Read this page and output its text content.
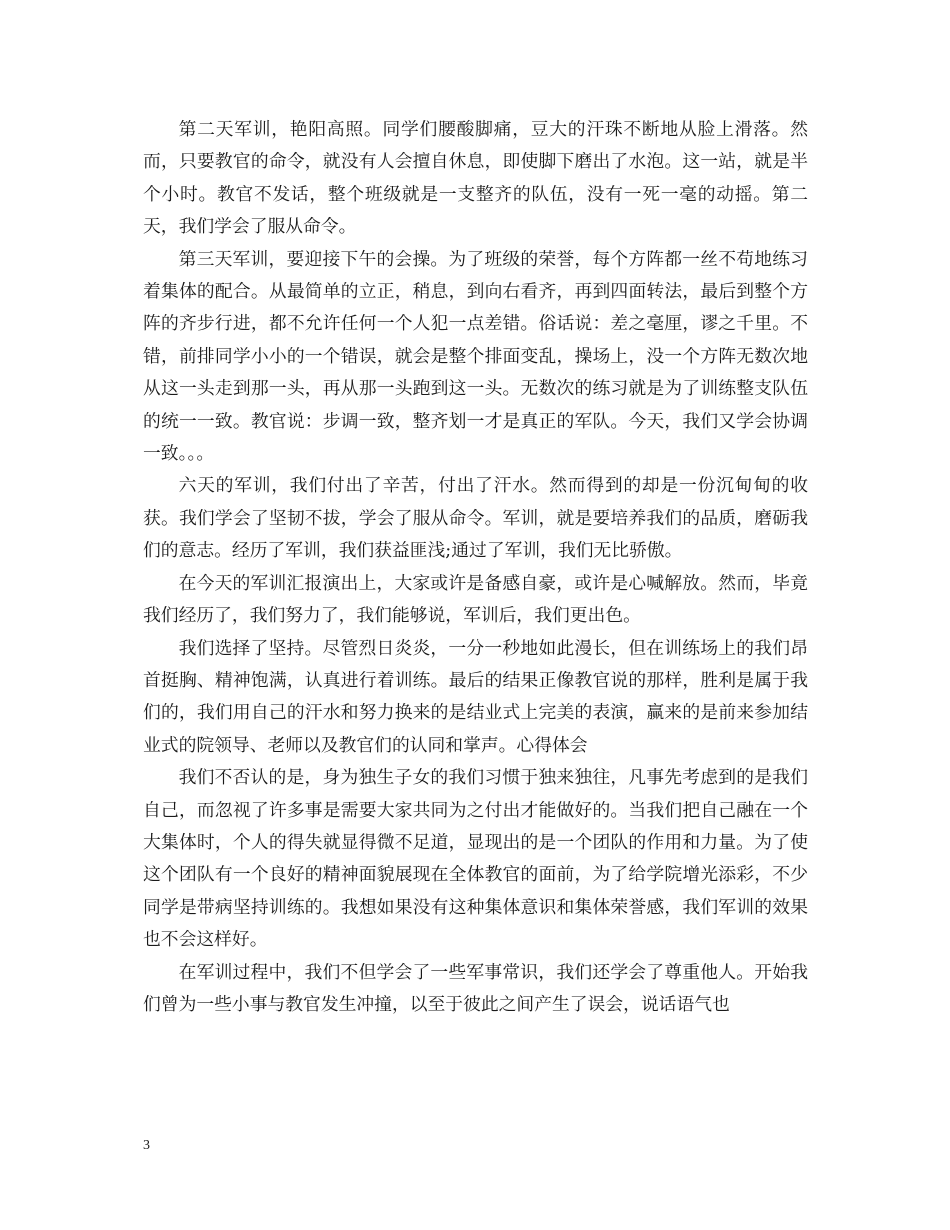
第二天军训，艳阳高照。同学们腰酸脚痛，豆大的汗珠不断地从脸上滑落。然而，只要教官的命令，就没有人会擅自休息，即使脚下磨出了水泡。这一站，就是半个小时。教官不发话，整个班级就是一支整齐的队伍，没有一死一毫的动摇。第二天，我们学会了服从命令。

第三天军训，要迎接下午的会操。为了班级的荣誉，每个方阵都一丝不苟地练习着集体的配合。从最简单的立正，稍息，到向右看齐，再到四面转法，最后到整个方阵的齐步行进，都不允许任何一个人犯一点差错。俗话说：差之毫厘，谬之千里。不错，前排同学小小的一个错误，就会是整个排面变乱，操场上，没一个方阵无数次地从这一头走到那一头，再从那一头跑到这一头。无数次的练习就是为了训练整支队伍的统一一致。教官说：步调一致，整齐划一才是真正的军队。今天，我们又学会协调一致。。。

六天的军训，我们付出了辛苦，付出了汗水。然而得到的却是一份沉甸甸的收获。我们学会了坚韧不拔，学会了服从命令。军训，就是要培养我们的品质，磨砺我们的意志。经历了军训，我们获益匪浅;通过了军训，我们无比骄傲。

在今天的军训汇报演出上，大家或许是备感自豪，或许是心喊解放。然而，毕竟我们经历了，我们努力了，我们能够说，军训后，我们更出色。

我们选择了坚持。尽管烈日炎炎，一分一秒地如此漫长，但在训练场上的我们昂首挺胸、精神饱满，认真进行着训练。最后的结果正像教官说的那样，胜利是属于我们的，我们用自己的汗水和努力换来的是结业式上完美的表演，赢来的是前来参加结业式的院领导、老师以及教官们的认同和掌声。心得体会

我们不否认的是，身为独生子女的我们习惯于独来独往，凡事先考虑到的是我们自己，而忽视了许多事是需要大家共同为之付出才能做好的。当我们把自己融在一个大集体时，个人的得失就显得微不足道，显现出的是一个团队的作用和力量。为了使这个团队有一个良好的精神面貌展现在全体教官的面前，为了给学院增光添彩，不少同学是带病坚持训练的。我想如果没有这种集体意识和集体荣誉感，我们军训的效果也不会这样好。

在军训过程中，我们不但学会了一些军事常识，我们还学会了尊重他人。开始我们曾为一些小事与教官发生冲撞，以至于彼此之间产生了误会，说话语气也

3
